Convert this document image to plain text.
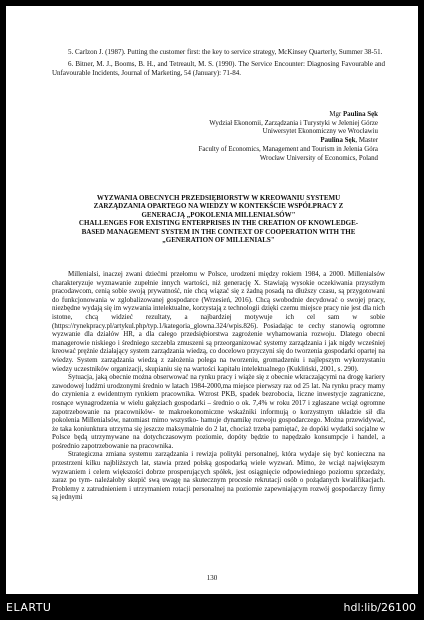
5. Carlzon J. (1987). Putting the customer first: the key to service strategy, McKinsey Quarterly, Summer 38-51.

6. Bitner, M. J., Booms, B. H., and Tetreault, M. S. (1990). The Service Encounter: Diagnosing Favourable and Unfavourable Incidents, Journal of Marketing, 54 (January): 71-84.

Mgr Paulina Sęk
Wydział Ekonomii, Zarządzania i Turystyki w Jeleniej Górze
Uniwersytet Ekonomiczny we Wrocławiu
Paulina Sęk, Master
Faculty of Economics, Management and Tourism in Jelenia Góra
Wrocław University of Economics, Poland
WYZWANIA OBECNYCH PRZEDSIĘBIORSTW W KREOWANIU SYSTEMU
ZARZĄDZANIA OPARTEGO NA WIEDZY W KONTEKŚCIE WSPÓŁPRACY Z
GENERACJĄ „POKOLENIA MILLENIALSÓW"
CHALLENGES FOR EXISTING ENTERPRISES IN THE CREATION OF KNOWLEDGE-
BASED MANAGEMENT SYSTEM IN THE CONTEXT OF COOPERATION WITH THE
„GENERATION OF MILLENIALS"

Millenialsi, inaczej zwani dziećmi przełomu w Polsce, urodzeni między rokiem 1984, a 2000. Millenialsów charakteryzuje wyznawanie zupełnie innych wartości, niż generację X. Stawiają wysokie oczekiwania przyszłym pracodawcom, cenią sobie swoją prywatność, nie chcą wiązać się z żadną posadą na dłuższy czasu, są przygotowani do funkcjonowania w zglobalizowanej gospodarce (Wrzesień, 2016). Chcą swobodnie decydować o swojej pracy, niezbędne wydają się im wyzwania intelektualne, korzystają z technologii dzięki czemu miejsce pracy nie jest dla nich istotne, chcą widzieć rezultaty, a najbardziej motywuje ich cel sam w sobie (https://rynekpracy.pl/artykul.php/typ.1/kategoria_glowna.324/wpis.826). Posiadając te cechy stanowią ogromne wyzwanie dla działów HR, a dla całego przedsiębiorstwa zagrożenie wyhamowania rozwoju. Dlatego obecni managerowie niskiego i średniego szczebla zmuszeni są przeorganizować systemy zarządzania i jak nigdy wcześniej kreować prężnie działający system zarządzania wiedzą, co docelowo przyczyni się do tworzenia gospodarki opartej na wiedzy. System zarządzania wiedzą z założenia polega na tworzeniu, gromadzeniu i najlepszym wykorzystaniu wiedzy uczestników organizacji, skupianiu się na wartości kapitału intelektualnego (Kukliński, 2001, s. 290).

Sytuacja, jaką obecnie można obserwować na rynku pracy i wiąże się z obecnie wkraczającymi na drogę kariery zawodowej ludźmi urodzonymi średnio w latach 1984-2000,ma miejsce pierwszy raz od 25 lat. Na rynku pracy mamy do czynienia z ewidentnym rynkiem pracownika. Wzrost PKB, spadek bezrobocia, liczne inwestycje zagraniczne, rosnące wynagrodzenia w wielu gałęziach gospodarki – średnio o ok. 7,4% w roku 2017 i zgłaszane wciąż ogromne zapotrzebowanie na pracowników- te makroekonomiczne wskaźniki informują o korzystnym układzie sił dla pokolenia Millenialsów, natomiast mimo wszystko- hamuje dynamikę rozwoju gospodarczego. Można przewidywać, że taka koniunktura utrzyma się jeszcze maksymalnie do 2 lat, chociaż trzeba pamiętać, że dopóki wydatki socjalne w Polsce będą utrzymywane na dotychczasowym poziomie, dopóty będzie to napędzało konsumpcje i handel, a pośrednio zapotrzebowanie na pracownika.

Strategiczna zmiana systemu zarządzania i rewizja polityki personalnej, która wydaje się być konieczna na przestrzeni kilku najbliższych lat, stawia przed polską gospodarką wiele wyzwań. Mimo, że wciąż największym wyzwaniem i celem większości dobrze prosperujących spółek, jest osiągnięcie odpowiedniego poziomu sprzedaży, zaraz po tym- należałoby skupić swą uwagę na skutecznym procesie rekrutacji osób o pożądanych kwalifikacjach. Problemy z zatrudnieniem i utrzymaniem rotacji personalnej na poziomie zapewniającym rozwój gospodarczy firmy są jednymi

130
ELARTU	hdl:lib/26100
